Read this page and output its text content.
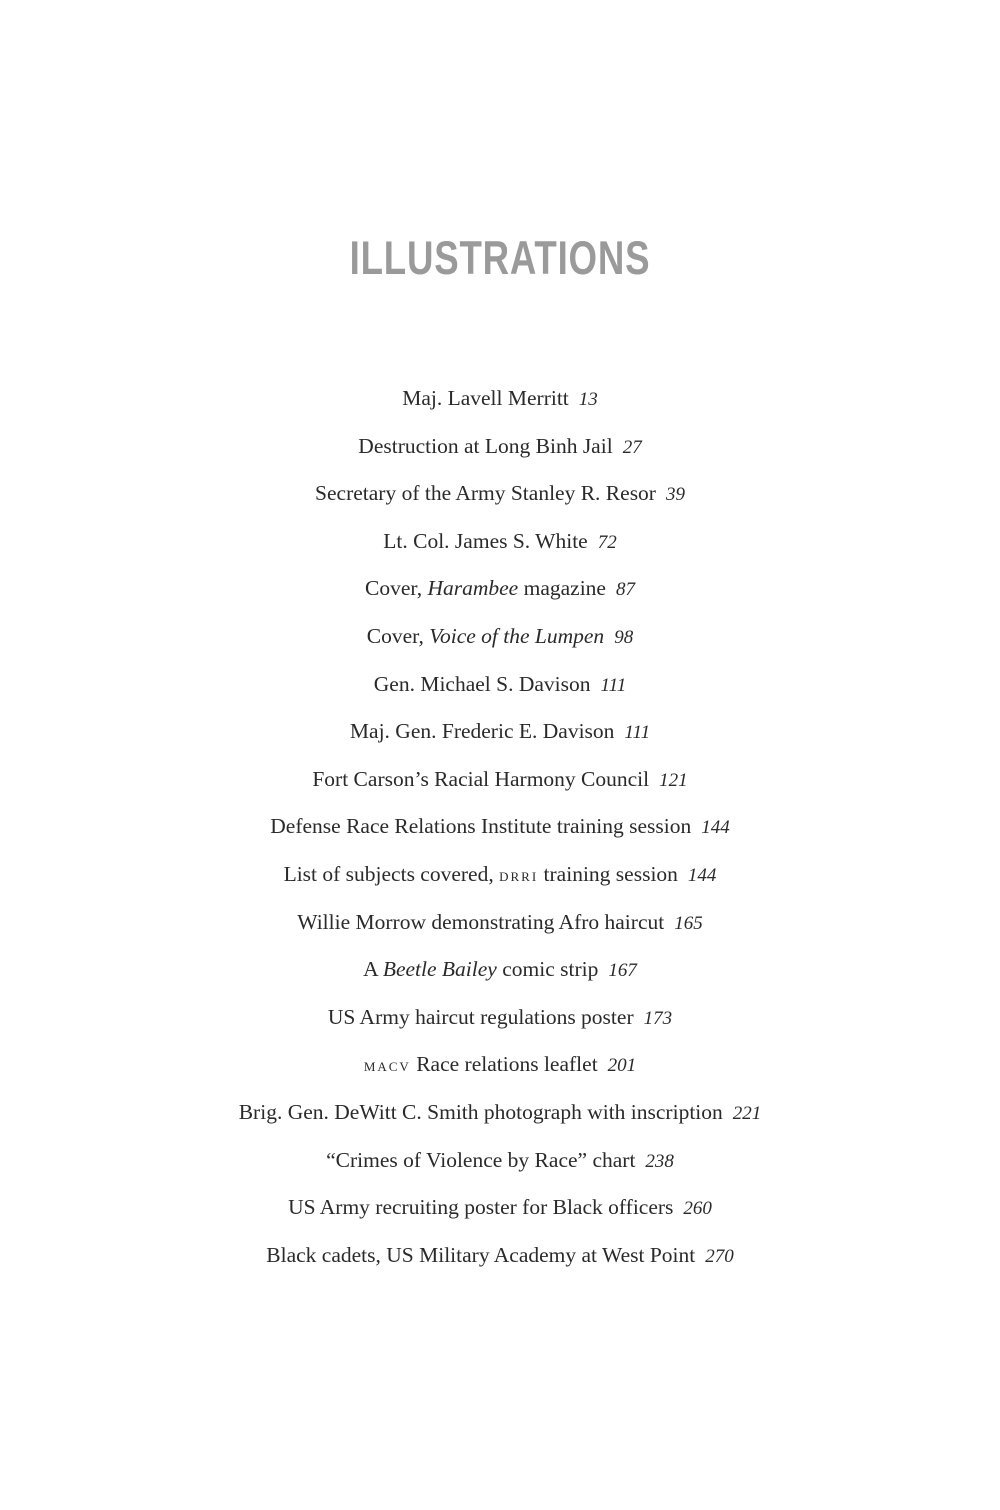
ILLUSTRATIONS
Maj. Lavell Merritt 13
Destruction at Long Binh Jail 27
Secretary of the Army Stanley R. Resor 39
Lt. Col. James S. White 72
Cover, Harambee magazine 87
Cover, Voice of the Lumpen 98
Gen. Michael S. Davison 111
Maj. Gen. Frederic E. Davison 111
Fort Carson’s Racial Harmony Council 121
Defense Race Relations Institute training session 144
List of subjects covered, drri training session 144
Willie Morrow demonstrating Afro haircut 165
A Beetle Bailey comic strip 167
US Army haircut regulations poster 173
macv Race relations leaflet 201
Brig. Gen. DeWitt C. Smith photograph with inscription 221
“Crimes of Violence by Race” chart 238
US Army recruiting poster for Black officers 260
Black cadets, US Military Academy at West Point 270
